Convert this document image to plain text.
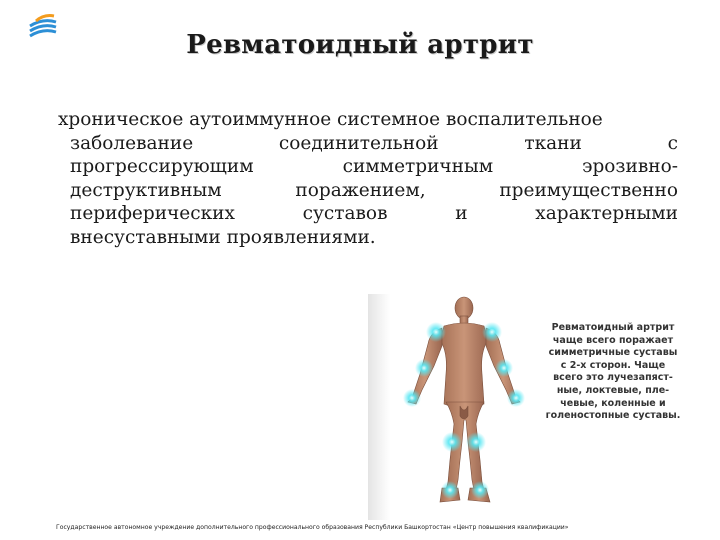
Ревматоидный артрит
хроническое аутоиммунное системное воспалительное
заболевание	соединительной	ткани	с
прогрессирующим	симметричным	эрозивно-
деструктивным	поражением,	преимущественно
периферических	суставов	и	характерными
внесуставными проявлениями.
Ревматоидный артрит
чаще всего поражает
симметричные суставы
с 2-х сторон. Чаще
всего это лучезапяст-
ные, локтевые, пле-
чевые, коленные и
голеностопные суставы.
Государственное автономное учреждение дополнительного профессионального образования Республики Башкортостан «Центр повышения квалификации»
